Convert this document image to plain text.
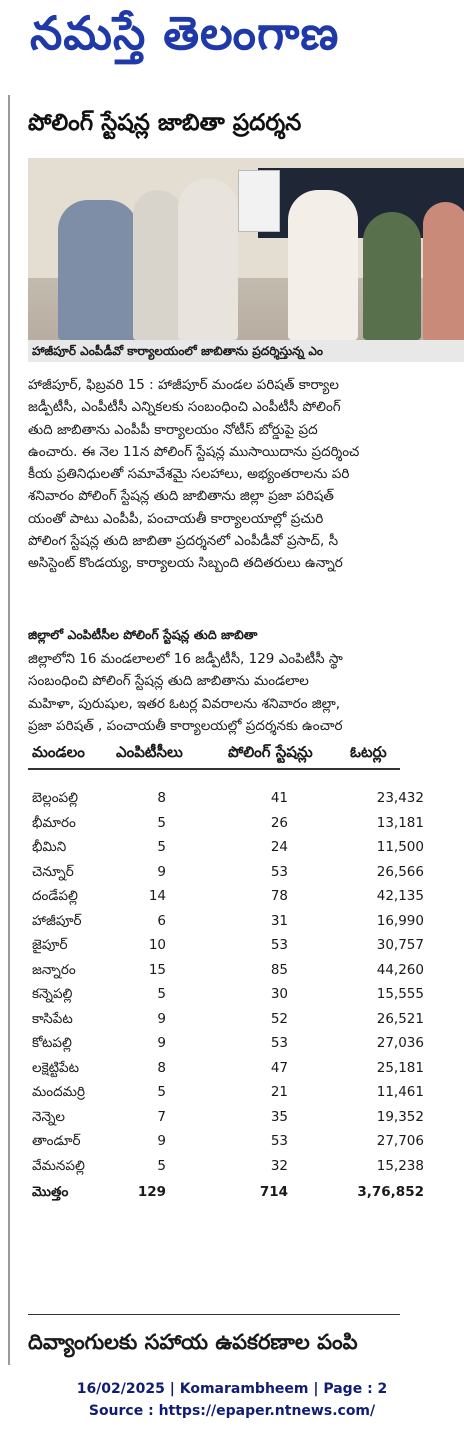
నమస్తే తెలంగాణ
పోలింగ్ స్టేషన్ల జాబితా ప్రదర్శన
హాజీపూర్ ఎంపీడీవో కార్యాలయంలో జాబితాను ప్రదర్శిస్తున్న ఎం
హాజీపూర్, ఫిబ్రవరి 15 : హాజీపూర్ మండల పరిషత్ కార్యాల
జడ్పీటీసీ, ఎంపీటీసీ ఎన్నికలకు సంబంధించి ఎంపీటీసీ పోలింగ్
తుది జాబితాను ఎంపీపీ కార్యాలయం నోటీస్ బోర్డుపై ప్రద
ఉంచారు. ఈ నెల 11న పోలింగ్ స్టేషన్ల ముసాయిదాను ప్రదర్శించ
కీయ ప్రతినిధులతో సమావేశమై సలహాలు, అభ్యంతరాలను పరి
శనివారం పోలింగ్ స్టేషన్ల తుది జాబితాను జిల్లా ప్రజా పరిషత్
యంతో పాటు ఎంపీపీ, పంచాయతీ కార్యాలయాల్లో ప్రచురి
పోలింగ స్టేషన్ల తుది జాబితా ప్రదర్శనలో ఎంపీడీవో ప్రసాద్, సీ
అసిస్టెంట్ కొండయ్య, కార్యాలయ సిబ్బంది తదితరులు ఉన్నార
జిల్లాలో ఎంపిటీసీల పోలింగ్ స్టేషన్ల తుది జాబితా
జిల్లాలోని 16 మండలాలలో 16 జడ్పీటీసీ, 129 ఎంపిటీసీ స్థా
సంబంధించి పోలింగ్ స్టేషన్ల తుది జాబితాను మండలాల
మహిళా, పురుషుల, ఇతర ఓటర్ల వివరాలను శనివారం జిల్లా,
ప్రజా పరిషత్ , పంచాయతీ కార్యాలయల్లో ప్రదర్శనకు ఉంచార
మండలం ఎంపిటీసీలు	పోలింగ్ స్టేషన్లు ఓటర్లు
బెల్లంపల్లి	8	41	23,432
భీమారం	5	26	13,181
భీమిని	5	24	11,500
చెన్నూర్	9	53	26,566
దండేపల్లి	14	78	42,135
హాజీపూర్	6	31	16,990
జైపూర్	10	53	30,757
జన్నారం	15	85	44,260
కన్నెపల్లి	5	30	15,555
కాసిపేట	9	52	26,521
కోటపల్లి	9	53	27,036
లక్షెట్టిపేట	8	47	25,181
మందమర్రి	5	21	11,461
నెన్నెల	7	35	19,352
తాండూర్	9	53	27,706
వేమనపల్లి	5	32	15,238
మొత్తం	129	714	3,76,852
దివ్యాంగులకు సహాయ ఉపకరణాల పంపి
16/02/2025 | Komarambheem | Page : 2
Source : https://epaper.ntnews.com/
